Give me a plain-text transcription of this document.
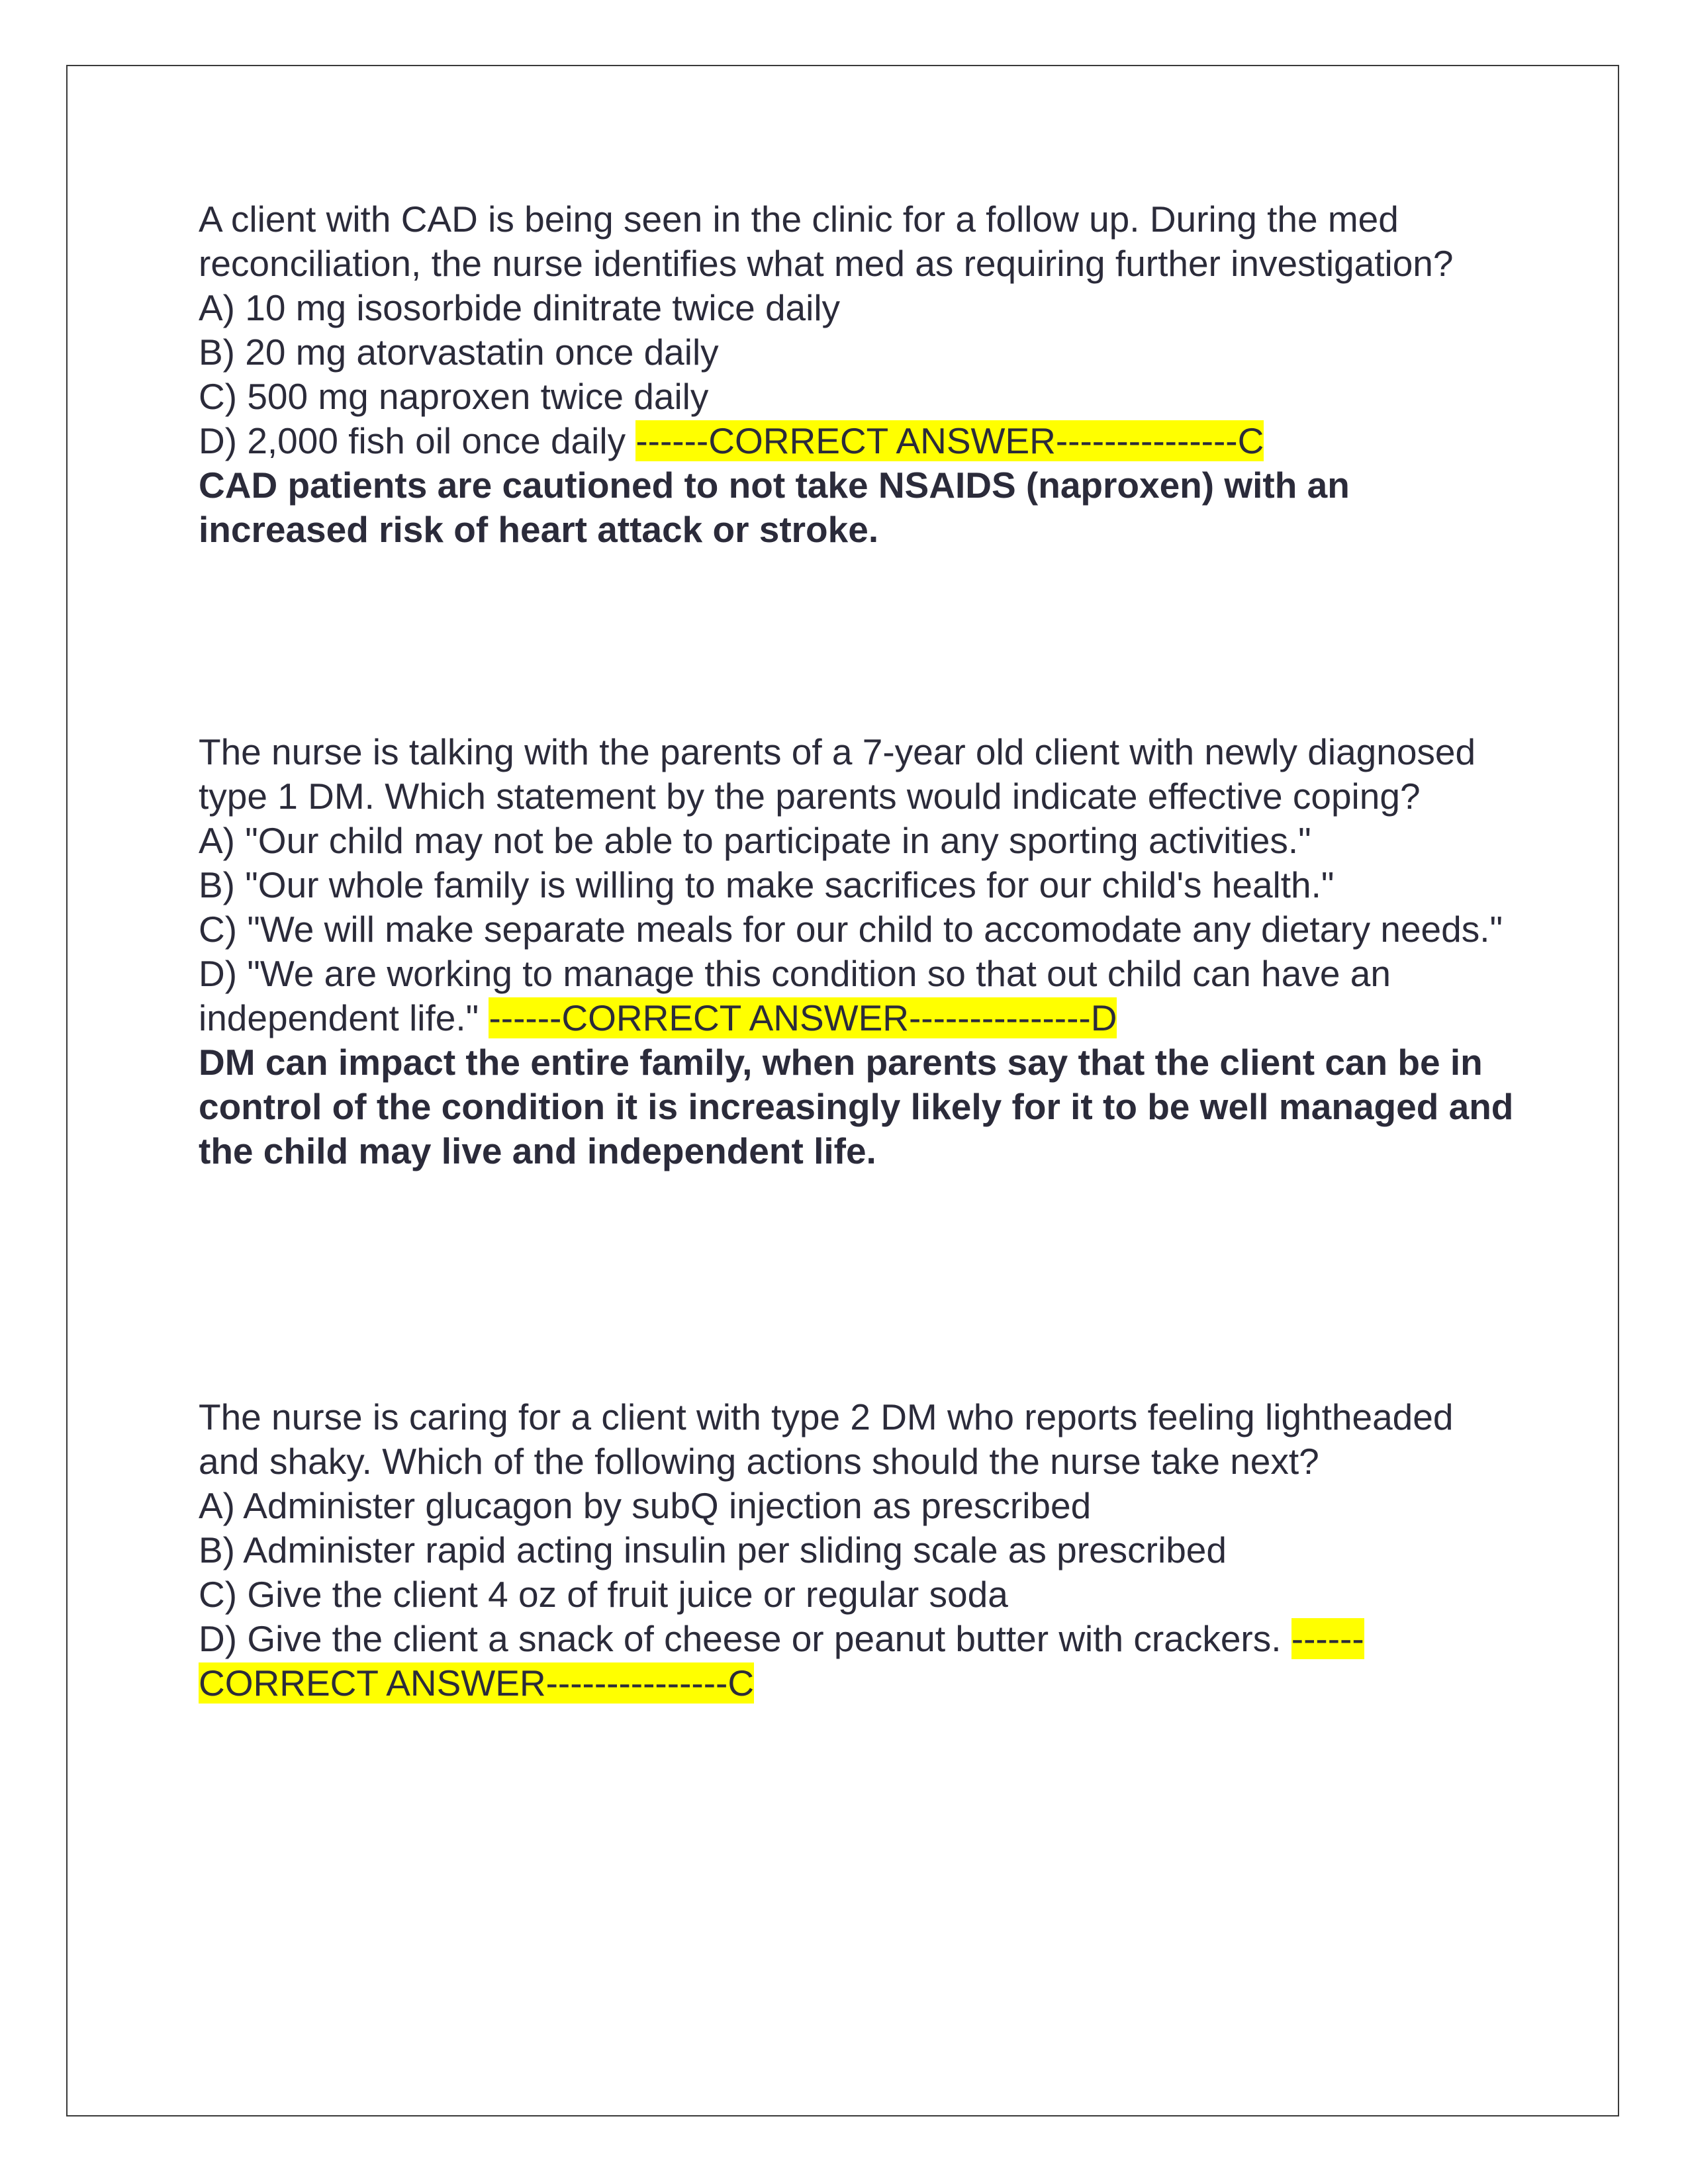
A client with CAD is being seen in the clinic for a follow up. During the med reconciliation, the nurse identifies what med as requiring further investigation?

A) 10 mg isosorbide dinitrate twice daily

B) 20 mg atorvastatin once daily

C) 500 mg naproxen twice daily

D) 2,000 fish oil once daily ------CORRECT ANSWER---------------C

CAD patients are cautioned to not take NSAIDS (naproxen) with an increased risk of heart attack or stroke.

The nurse is talking with the parents of a 7-year old client with newly diagnosed type 1 DM. Which statement by the parents would indicate effective coping?

A) "Our child may not be able to participate in any sporting activities."

B) "Our whole family is willing to make sacrifices for our child's health."

C) "We will make separate meals for our child to accomodate any dietary needs."

D) "We are working to manage this condition so that out child can have an independent life." ------CORRECT ANSWER---------------D

DM can impact the entire family, when parents say that the client can be in control of the condition it is increasingly likely for it to be well managed and the child may live and independent life.

The nurse is caring for a client with type 2 DM who reports feeling lightheaded and shaky. Which of the following actions should the nurse take next?

A) Administer glucagon by subQ injection as prescribed

B) Administer rapid acting insulin per sliding scale as prescribed

C) Give the client 4 oz of fruit juice or regular soda

D) Give the client a snack of cheese or peanut butter with crackers. ------CORRECT ANSWER---------------C
